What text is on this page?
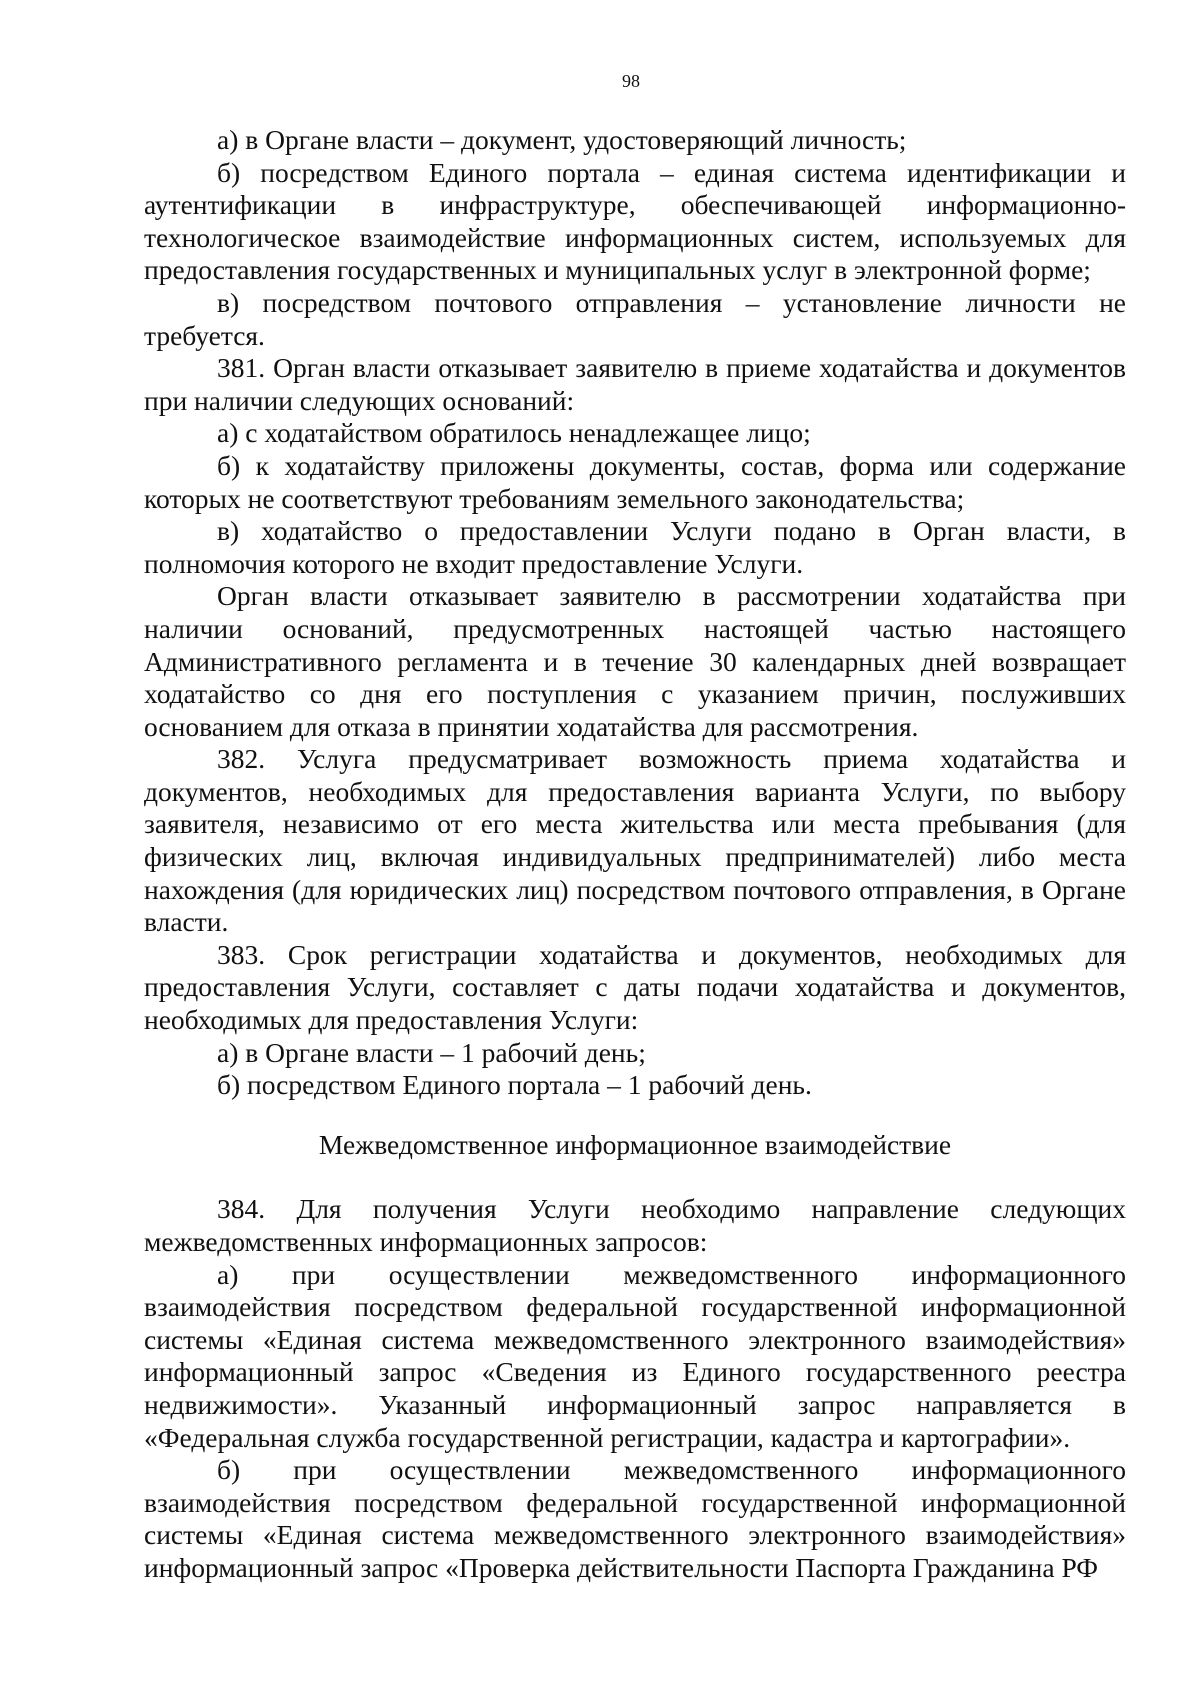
98

а) в Органе власти – документ, удостоверяющий личность;

б) посредством Единого портала – единая система идентификации и аутентификации в инфраструктуре, обеспечивающей информационно-технологическое взаимодействие информационных систем, используемых для предоставления государственных и муниципальных услуг в электронной форме;

в) посредством почтового отправления – установление личности не требуется.

381. Орган власти отказывает заявителю в приеме ходатайства и документов при наличии следующих оснований:

а) с ходатайством обратилось ненадлежащее лицо;

б) к ходатайству приложены документы, состав, форма или содержание которых не соответствуют требованиям земельного законодательства;

в) ходатайство о предоставлении Услуги подано в Орган власти, в полномочия которого не входит предоставление Услуги.

Орган власти отказывает заявителю в рассмотрении ходатайства при наличии оснований, предусмотренных настоящей частью настоящего Административного регламента и в течение 30 календарных дней возвращает ходатайство со дня его поступления с указанием причин, послуживших основанием для отказа в принятии ходатайства для рассмотрения.

382. Услуга предусматривает возможность приема ходатайства и документов, необходимых для предоставления варианта Услуги, по выбору заявителя, независимо от его места жительства или места пребывания (для физических лиц, включая индивидуальных предпринимателей) либо места нахождения (для юридических лиц) посредством почтового отправления, в Органе власти.

383. Срок регистрации ходатайства и документов, необходимых для предоставления Услуги, составляет с даты подачи ходатайства и документов, необходимых для предоставления Услуги:

а) в Органе власти – 1 рабочий день;

б) посредством Единого портала – 1 рабочий день.

Межведомственное информационное взаимодействие

384. Для получения Услуги необходимо направление следующих межведомственных информационных запросов:

а) при осуществлении межведомственного информационного взаимодействия посредством федеральной государственной информационной системы «Единая система межведомственного электронного взаимодействия» информационный запрос «Сведения из Единого государственного реестра недвижимости». Указанный информационный запрос направляется в «Федеральная служба государственной регистрации, кадастра и картографии».

б) при осуществлении межведомственного информационного взаимодействия посредством федеральной государственной информационной системы «Единая система межведомственного электронного взаимодействия» информационный запрос «Проверка действительности Паспорта Гражданина РФ
